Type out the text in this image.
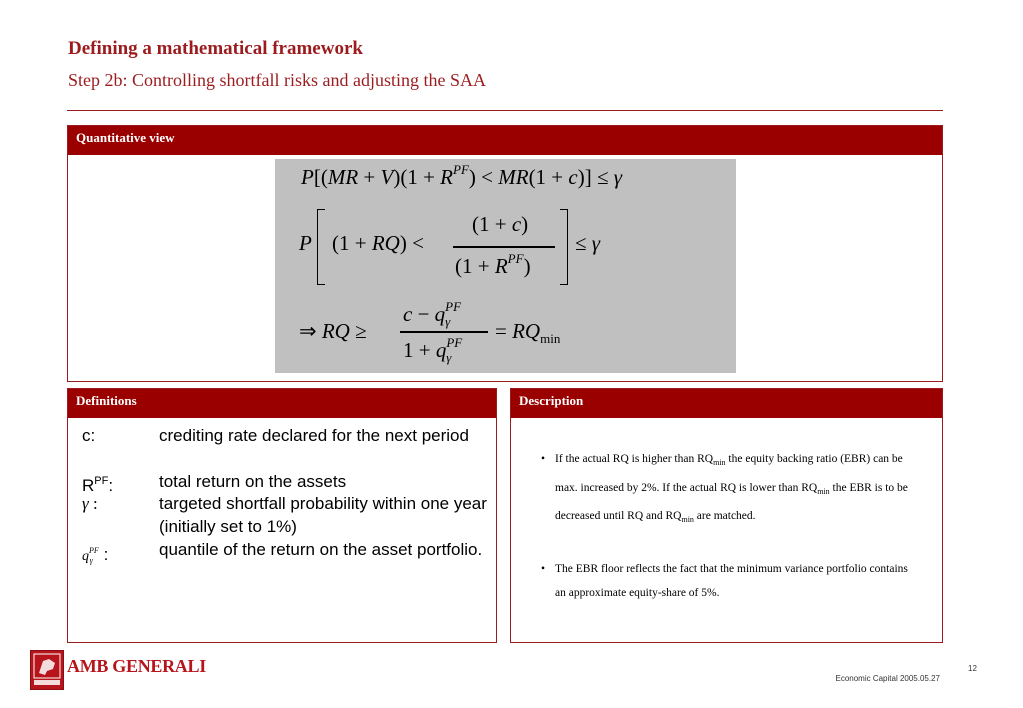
Defining a mathematical framework
Step 2b: Controlling shortfall risks and adjusting the SAA
Quantitative view
$P[(MR + V)(1 + R^{PF}) < MR(1 + c)] \le \gamma$
P (1 + RQ) <
(1 + c)
$(1 + R^{PF})$
≤ γ
⇒ RQ ≥
$c - q^{PF}_\gamma$
$1 + q^{PF}_\gamma$
= $RQ_{min}$
Definitions
c:	crediting rate declared for the next period
$R^{PF}$:	total return on the assets
γ :	targeted shortfall probability within one year (initially set to 1%)
$q^{PF}\gamma$ :	quantile of the return on the asset portfolio.
Description
• If the actual RQ is higher than $RQ_{min}$ the equity backing ratio (EBR) can be max. increased by 2%. If the actual RQ is lower than $RQ_{min}$ the EBR is to be decreased until RQ and $RQ_{min}$ are matched.
• The EBR floor reflects the fact that the minimum variance portfolio contains an approximate equity-share of 5%.
AMB GENERALI	12
Economic Capital 2005.05.27
